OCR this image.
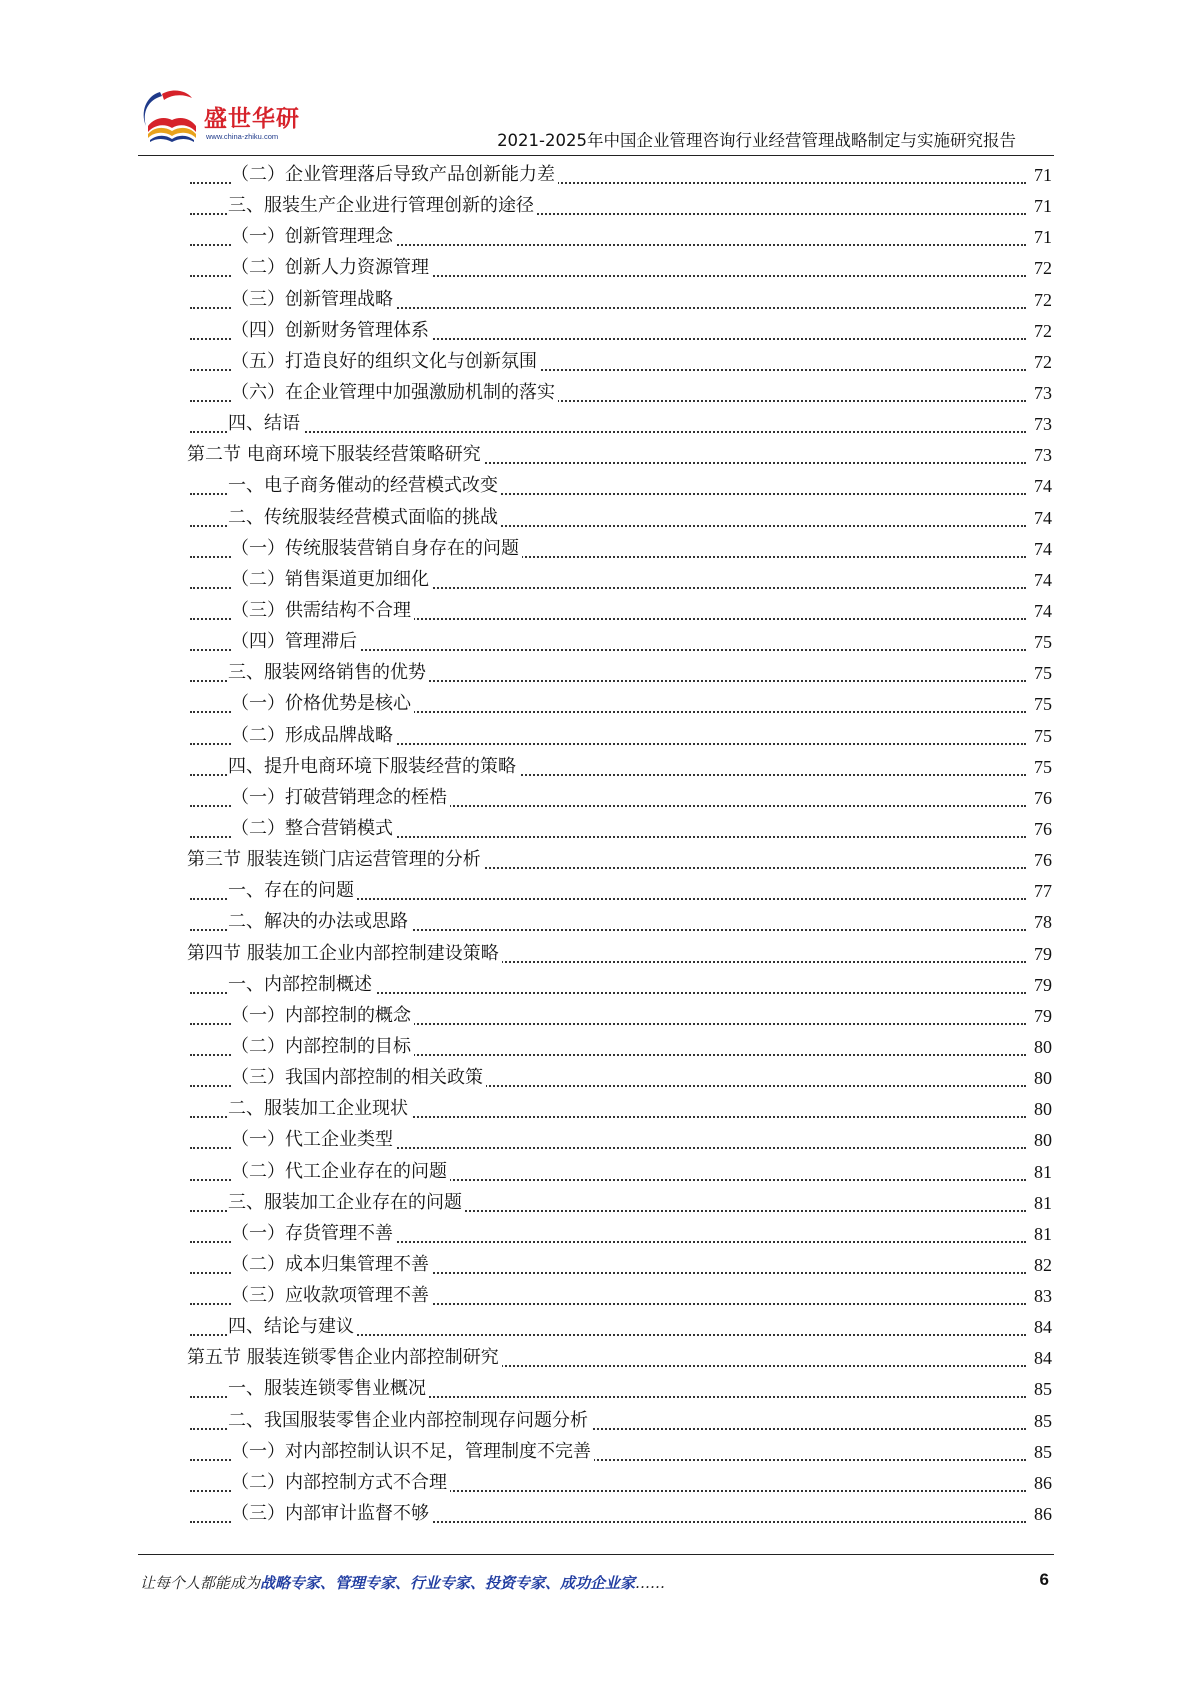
盛世华研
www.china-zhiku.com	2021-2025年中国企业管理咨询行业经营管理战略制定与实施研究报告
（二）企业管理落后导致产品创新能力差	71
三、服装生产企业进行管理创新的途径	71
（一）创新管理理念	71
（二）创新人力资源管理	72
（三）创新管理战略	72
（四）创新财务管理体系	72
（五）打造良好的组织文化与创新氛围	72
（六）在企业管理中加强激励机制的落实	73
四、结语	73
第二节 电商环境下服装经营策略研究	73
一、电子商务催动的经营模式改变	74
二、传统服装经营模式面临的挑战	74
（一）传统服装营销自身存在的问题	74
（二）销售渠道更加细化	74
（三）供需结构不合理	74
（四）管理滞后	75
三、服装网络销售的优势	75
（一）价格优势是核心	75
（二）形成品牌战略	75
四、提升电商环境下服装经营的策略	75
（一）打破营销理念的桎梏	76
（二）整合营销模式	76
第三节 服装连锁门店运营管理的分析	76
一、存在的问题	77
二、解决的办法或思路	78
第四节 服装加工企业内部控制建设策略	79
一、内部控制概述	79
（一）内部控制的概念	79
（二）内部控制的目标	80
（三）我国内部控制的相关政策	80
二、服装加工企业现状	80
（一）代工企业类型	80
（二）代工企业存在的问题	81
三、服装加工企业存在的问题	81
（一）存货管理不善	81
（二）成本归集管理不善	82
（三）应收款项管理不善	83
四、结论与建议	84
第五节 服装连锁零售企业内部控制研究	84
一、服装连锁零售业概况	85
二、我国服装零售企业内部控制现存问题分析	85
（一）对内部控制认识不足，管理制度不完善	85
（二）内部控制方式不合理	86
（三）内部审计监督不够	86
让每个人都能成为战略专家、管理专家、行业专家、投资专家、成功企业家……	6
